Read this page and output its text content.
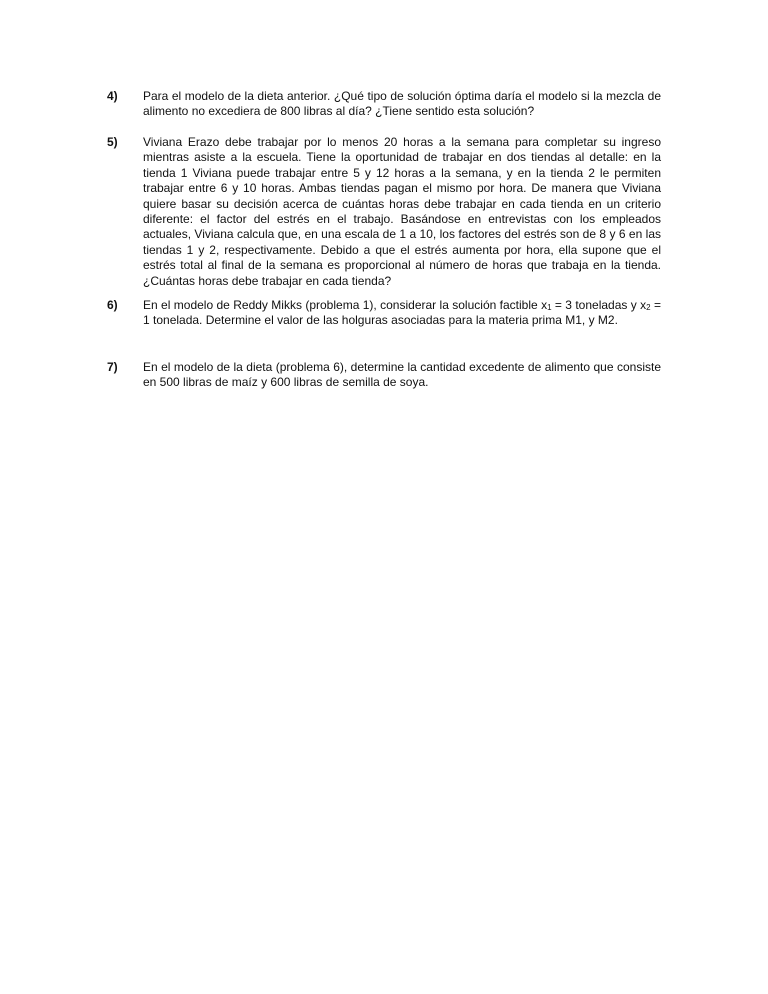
4)	Para el modelo de la dieta anterior. ¿Qué tipo de solución óptima daría el modelo si la mezcla de alimento no excediera de 800 libras al día? ¿Tiene sentido esta solución?
5)	Viviana Erazo debe trabajar por lo menos 20 horas a la semana para completar su ingreso mientras asiste a la escuela. Tiene la oportunidad de trabajar en dos tiendas al detalle: en la tienda 1 Viviana puede trabajar entre 5 y 12 horas a la semana, y en la tienda 2 le permiten trabajar entre 6 y 10 horas. Ambas tiendas pagan el mismo por hora. De manera que Viviana quiere basar su decisión acerca de cuántas horas debe trabajar en cada tienda en un criterio diferente: el factor del estrés en el trabajo. Basándose en entrevistas con los empleados actuales, Viviana calcula que, en una escala de 1 a 10, los factores del estrés son de 8 y 6 en las tiendas 1 y 2, respectivamente. Debido a que el estrés aumenta por hora, ella supone que el estrés total al final de la semana es proporcional al número de horas que trabaja en la tienda. ¿Cuántas horas debe trabajar en cada tienda?
6)	En el modelo de Reddy Mikks (problema 1), considerar la solución factible x1 = 3 toneladas y x2 = 1 tonelada. Determine el valor de las holguras asociadas para la materia prima M1, y M2.
7)	En el modelo de la dieta (problema 6), determine la cantidad excedente de alimento que consiste en 500 libras de maíz y 600 libras de semilla de soya.
